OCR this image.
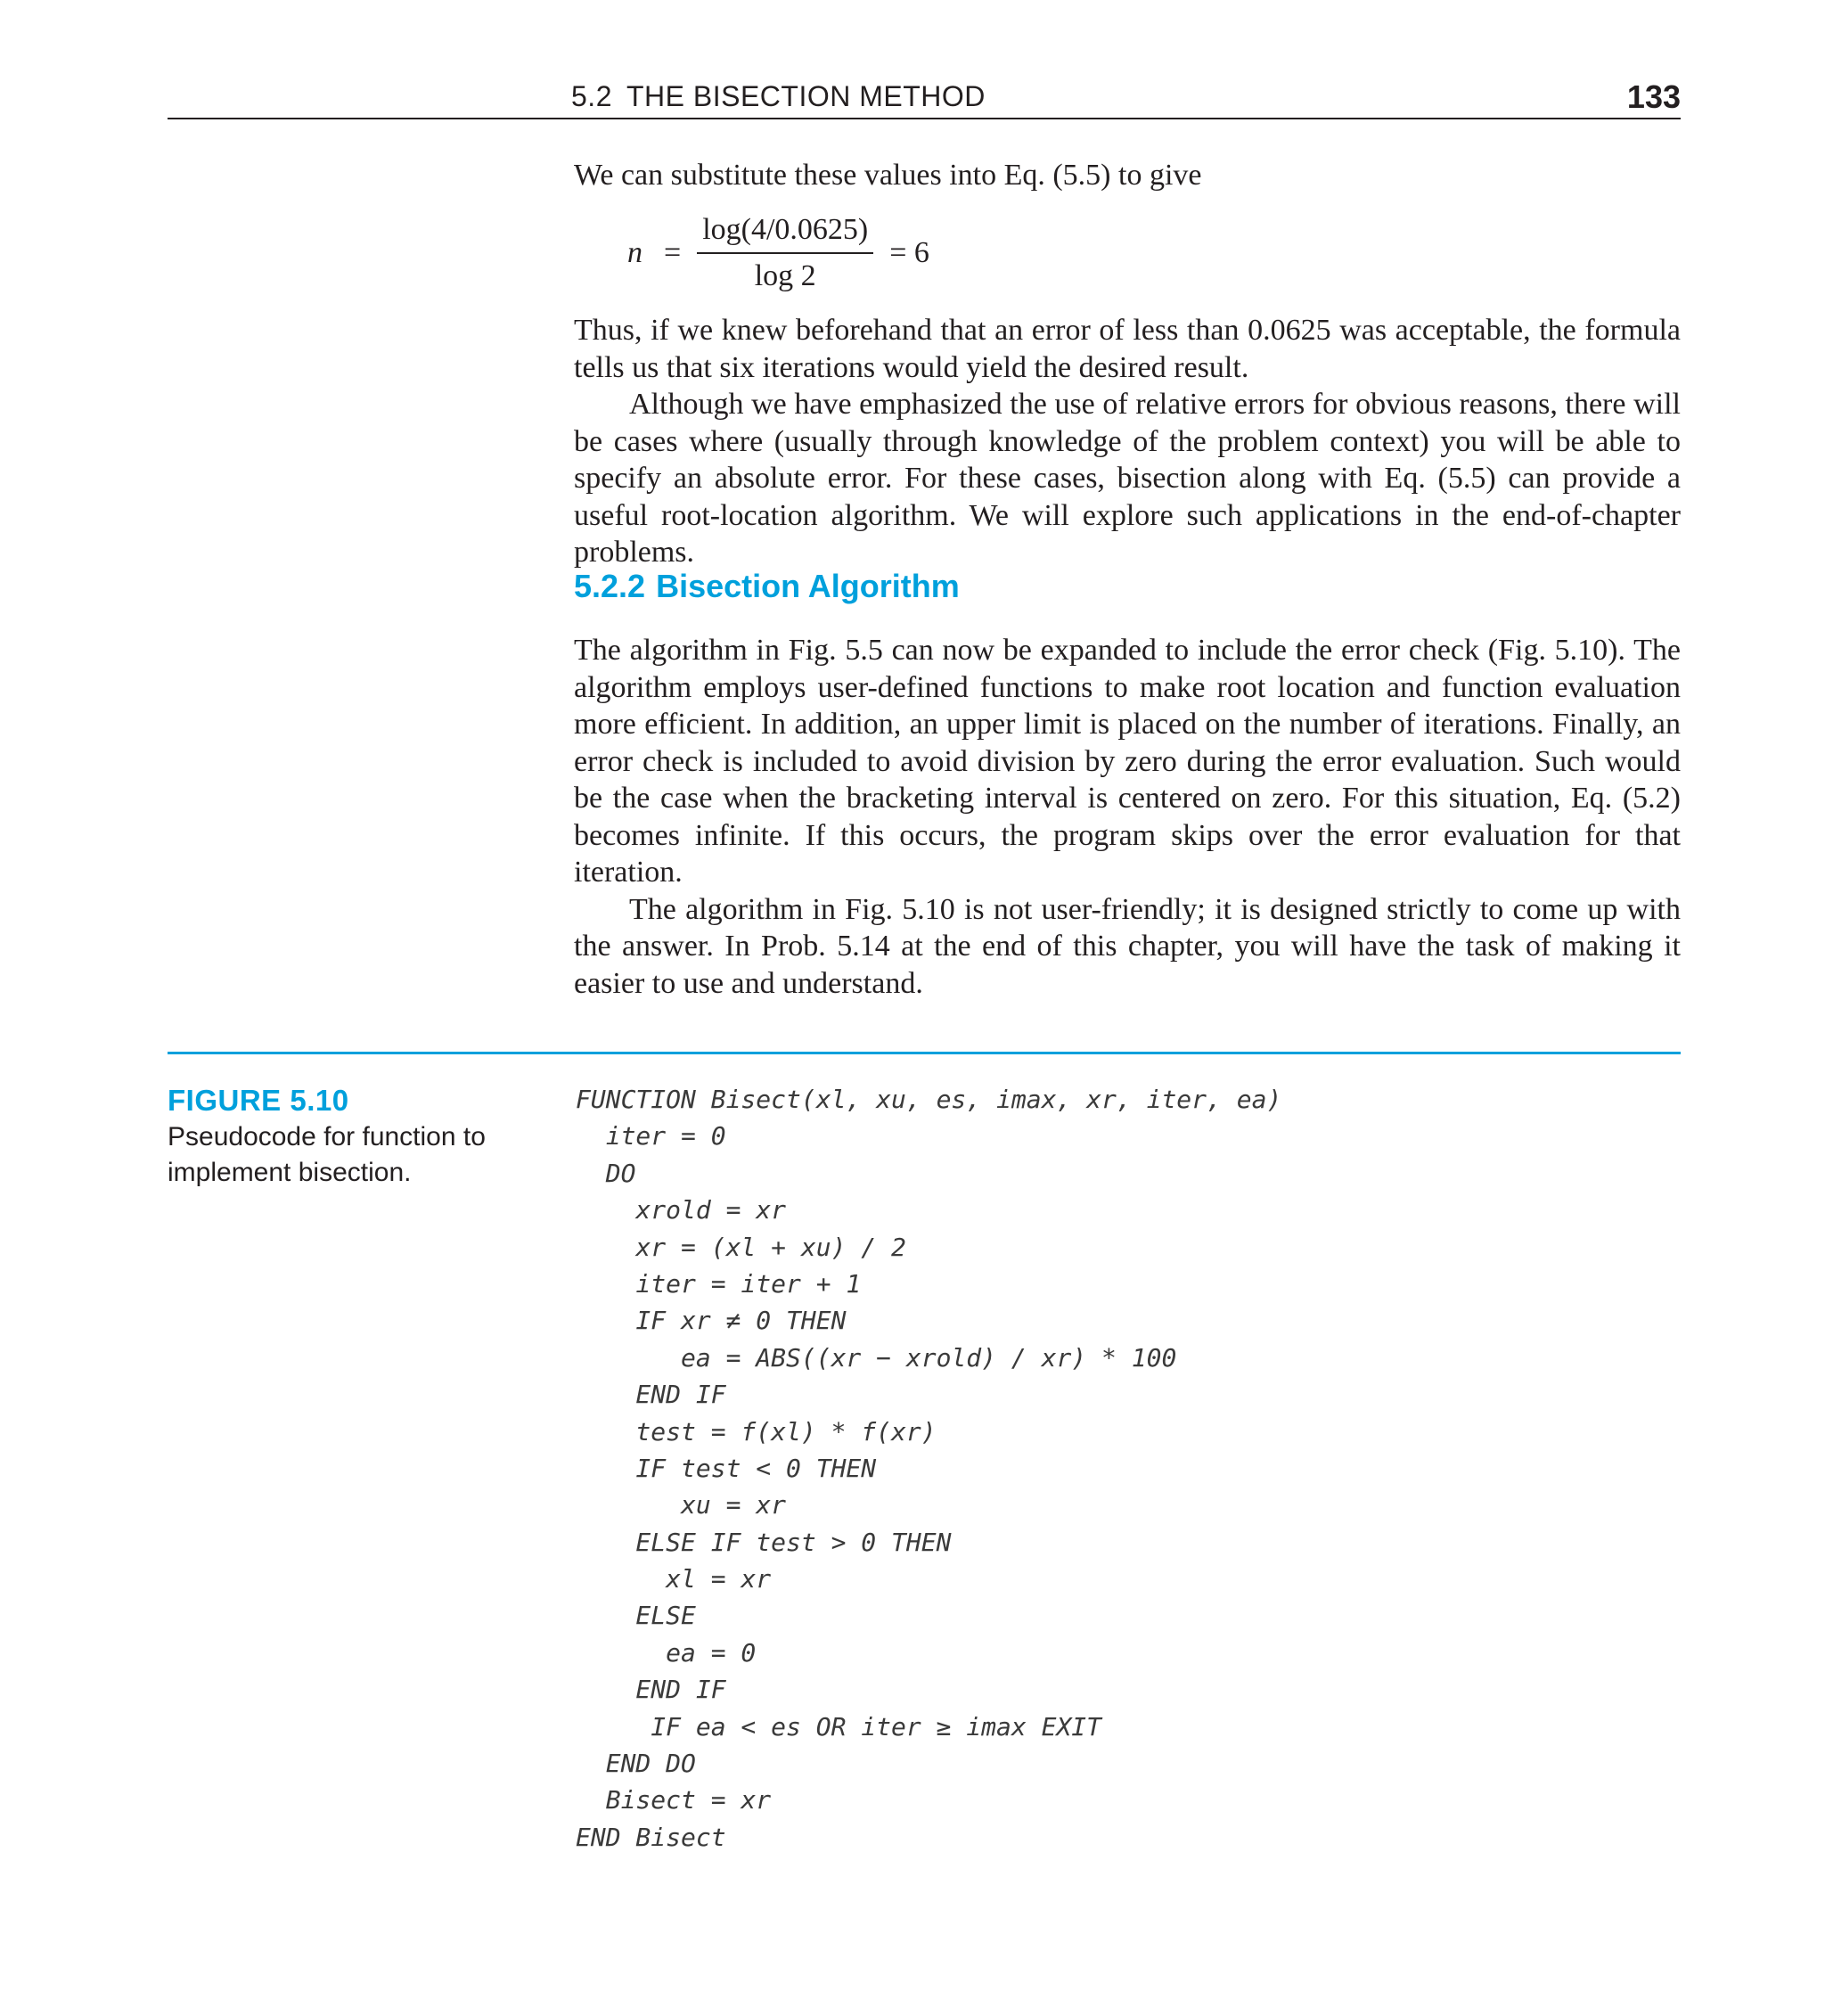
5.2 THE BISECTION METHOD	133
We can substitute these values into Eq. (5.5) to give
$n = \frac{\log(4/0.0625)}{\log 2} = 6$
Thus, if we knew beforehand that an error of less than 0.0625 was acceptable, the formula tells us that six iterations would yield the desired result.
Although we have emphasized the use of relative errors for obvious reasons, there will be cases where (usually through knowledge of the problem context) you will be able to specify an absolute error. For these cases, bisection along with Eq. (5.5) can provide a useful root-location algorithm. We will explore such applications in the end-of-chapter problems.
5.2.2 Bisection Algorithm
The algorithm in Fig. 5.5 can now be expanded to include the error check (Fig. 5.10). The algorithm employs user-defined functions to make root location and function evaluation more efficient. In addition, an upper limit is placed on the number of iterations. Finally, an error check is included to avoid division by zero during the error evaluation. Such would be the case when the bracketing interval is centered on zero. For this situation, Eq. (5.2) becomes infinite. If this occurs, the program skips over the error evaluation for that iteration.
The algorithm in Fig. 5.10 is not user-friendly; it is designed strictly to come up with the answer. In Prob. 5.14 at the end of this chapter, you will have the task of making it easier to use and understand.
FIGURE 5.10
Pseudocode for function to implement bisection.
FUNCTION Bisect(xl, xu, es, imax, xr, iter, ea)
iter = 0
DO
xrold = xr
xr = (xl + xu) / 2
iter = iter + 1
IF xr ≠ 0 THEN
ea = ABS((xr − xrold) / xr) * 100
END IF
test = f(xl) * f(xr)
IF test < 0 THEN
xu = xr
ELSE IF test > 0 THEN
xl = xr
ELSE
ea = 0
END IF
IF ea < es OR iter ≥ imax EXIT
END DO
Bisect = xr
END Bisect
